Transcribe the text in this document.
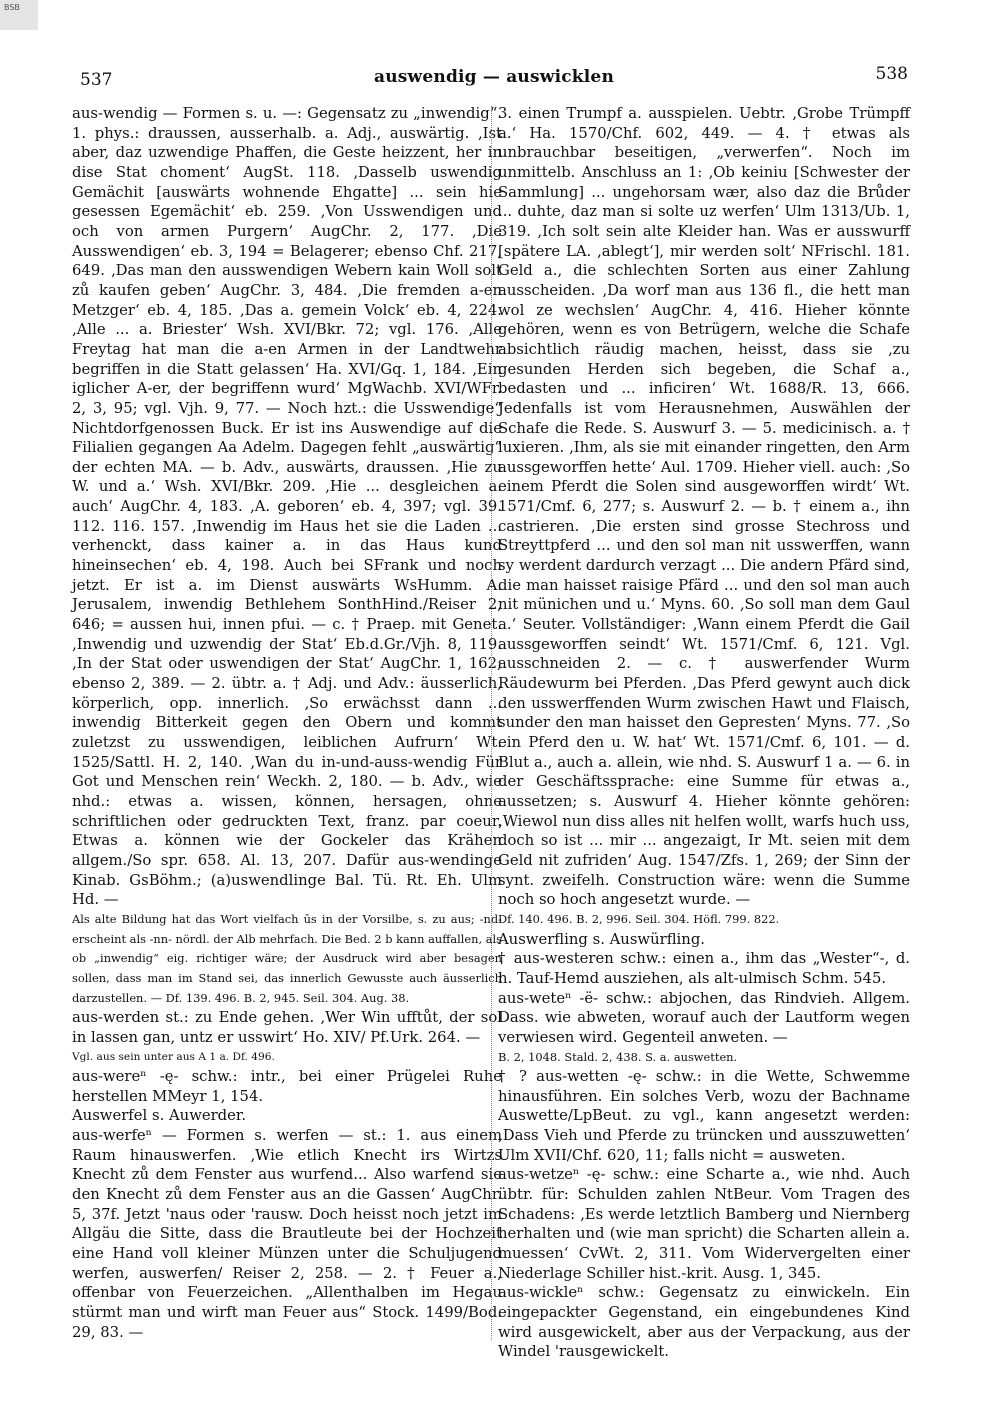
BSB
537	auswendig — auswicklen	538

aus-wendig — Formen s. u. —: Gegensatz zu „inwendig“. 1. phys.: draussen, ausserhalb. a. Adj., auswärtig. ‚Ist aber, daz uzwendige Phaffen, die Geste heizzent, her in dise Stat choment‘ AugSt. 118. ‚Dasselb uswendig Gemächit [auswärts wohnende Ehgatte] ... sein hie gesessen Egemächit‘ eb. 259. ‚Von Usswendigen und och von armen Purgern‘ AugChr. 2, 177. ‚Die Ausswendigen‘ eb. 3, 194 = Belagerer; ebenso Chf. 217, 649. ‚Das man den ausswendigen Webern kain Woll solt zů kaufen geben‘ AugChr. 3, 484. ‚Die fremden a-en Metzger‘ eb. 4, 185. ‚Das a. gemein Volck‘ eb. 4, 224. ‚Alle ... a. Briester‘ Wsh. XVI/Bkr. 72; vgl. 176. ‚Alle Freytag hat man die a-en Armen in der Landtwehr begriffen in die Statt gelassen‘ Ha. XVI/Gq. 1, 184. ‚Ein iglicher A-er, der begriffenn wurd‘ MgWachb. XVI/WFr. 2, 3, 95; vgl. Vjh. 9, 77. — Noch hzt.: die Usswendige“ Nichtdorfgenossen Buck. Er ist ins Auswendige auf die Filialien gegangen Aa Adelm. Dagegen fehlt „auswärtig“ der echten MA. — b. Adv., auswärts, draussen. ‚Hie zu W. und a.‘ Wsh. XVI/Bkr. 209. ‚Hie ... desgleichen a. auch‘ AugChr. 4, 183. ‚A. geboren‘ eb. 4, 397; vgl. 39. 112. 116. 157. ‚Inwendig im Haus het sie die Laden ... verhenckt, dass kainer a. in das Haus kund hineinsechen‘ eb. 4, 198. Auch bei SFrank und noch jetzt. Er ist a. im Dienst auswärts WsHumm. A. Jerusalem, inwendig Bethlehem SonthHind./Reiser 2, 646; = aussen hui, innen pfui. — c. † Praep. mit Genet. ‚Inwendig und uzwendig der Stat‘ Eb.d.Gr./Vjh. 8, 119. ‚In der Stat oder uswendigen der Stat‘ AugChr. 1, 162; ebenso 2, 389. — 2. übtr. a. † Adj. und Adv.: äusserlich, körperlich, opp. innerlich. ‚So erwächsst dann ... inwendig Bitterkeit gegen den Obern und kommt zuletzst zu usswendigen, leiblichen Aufrurn‘ Wt. 1525/Sattl. H. 2, 140. ‚Wan du in-und-auss-wendig Für Got und Menschen rein‘ Weckh. 2, 180. — b. Adv., wie nhd.: etwas a. wissen, können, hersagen, ohne schriftlichen oder gedruckten Text, franz. par coeur. Etwas a. können wie der Gockeler das Krähen allgem./So spr. 658. Al. 13, 207. Dafür aus-wendinge Kinab. GsBöhm.; (a)uswendlinge Bal. Tü. Rt. Eh. Ulm Hd. —

Als alte Bildung hat das Wort vielfach ūs in der Vorsilbe, s. zu aus; -nd- erscheint als -nn- nördl. der Alb mehrfach. Die Bed. 2 b kann auffallen, als ob „inwendig“ eig. richtiger wäre; der Ausdruck wird aber besagen sollen, dass man im Stand sei, das innerlich Gewusste auch äusserlich darzustellen. — Df. 139. 496. B. 2, 945. Seil. 304. Aug. 38.

aus-werden st.: zu Ende gehen. ‚Wer Win ufftůt, der sol in lassen gan, untz er usswirt‘ Ho. XIV/ Pf.Urk. 264. —

Vgl. aus sein unter aus A 1 a. Df. 496.

aus-wereⁿ -ę- schw.: intr., bei einer Prügelei Ruhe herstellen MMeyr 1, 154.

Auswerfel s. Auwerder.

aus-werfeⁿ — Formen s. werfen — st.: 1. aus einem Raum hinauswerfen. ‚Wie etlich Knecht irs Wirtzs Knecht zů dem Fenster aus wurfend... Also warfend sie den Knecht zů dem Fenster aus an die Gassen‘ AugChr. 5, 37f. Jetzt 'naus oder 'rausw. Doch heisst noch jetzt im Allgäu die Sitte, dass die Brautleute bei der Hochzeit eine Hand voll kleiner Münzen unter die Schuljugend werfen, auswerfen/ Reiser 2, 258. — 2. † Feuer a., offenbar von Feuerzeichen. „Allenthalben im Hegau stürmt man und wirft man Feuer aus“ Stock. 1499/Bod. 29, 83. —

3. einen Trumpf a. ausspielen. Uebtr. ‚Grobe Trümpff a.‘ Ha. 1570/Chf. 602, 449. — 4. † etwas als unbrauchbar beseitigen, „verwerfen“. Noch im unmittelb. Anschluss an 1: ‚Ob keiniu [Schwester der Sammlung] ... ungehorsam wær, also daz die Brůder ... duhte, daz man si solte uz werfen‘ Ulm 1313/Ub. 1, 319. ‚Ich solt sein alte Kleider han. Was er ausswurff [spätere LA. ‚ablegt‘], mir werden solt‘ NFrischl. 181. Geld a., die schlechten Sorten aus einer Zahlung ausscheiden. ‚Da worf man aus 136 fl., die hett man wol ze wechslen‘ AugChr. 4, 416. Hieher könnte gehören, wenn es von Betrügern, welche die Schafe absichtlich räudig machen, heisst, dass sie ‚zu gesunden Herden sich begeben, die Schaf a., bedasten und ... inficiren‘ Wt. 1688/R. 13, 666. Jedenfalls ist vom Herausnehmen, Auswählen der Schafe die Rede. S. Auswurf 3. — 5. medicinisch. a. † luxieren. ‚Ihm, als sie mit einander ringetten, den Arm aussgeworffen hette‘ Aul. 1709. Hieher viell. auch: ‚So einem Pferdt die Solen sind ausgeworffen wirdt‘ Wt. 1571/Cmf. 6, 277; s. Auswurf 2. — b. † einem a., ihn castrieren. ‚Die ersten sind grosse Stechross und Streyttpferd ... und den sol man nit usswerffen, wann sy werdent dardurch verzagt ... Die andern Pfärd sind, die man haisset raisige Pfärd ... und den sol man auch nit münichen und u.‘ Myns. 60. ‚So soll man dem Gaul a.‘ Seuter. Vollständiger: ‚Wann einem Pferdt die Gail aussgeworffen seindt‘ Wt. 1571/Cmf. 6, 121. Vgl. ausschneiden 2. — c. † auswerfender Wurm Räudewurm bei Pferden. ‚Das Pferd gewynt auch dick den usswerffenden Wurm zwischen Hawt und Flaisch, sunder den man haisset den Gepresten‘ Myns. 77. ‚So ein Pferd den u. W. hat‘ Wt. 1571/Cmf. 6, 101. — d. Blut a., auch a. allein, wie nhd. S. Auswurf 1 a. — 6. in der Geschäftssprache: eine Summe für etwas a., aussetzen; s. Auswurf 4. Hieher könnte gehören: ‚Wiewol nun diss alles nit helfen wollt, warfs huch uss, doch so ist ... mir ... angezaigt, Ir Mt. seien mit dem Geld nit zufriden‘ Aug. 1547/Zfs. 1, 269; der Sinn der synt. zweifelh. Construction wäre: wenn die Summe noch so hoch angesetzt wurde. —

Df. 140. 496. B. 2, 996. Seil. 304. Höfl. 799. 822.

Auswerfling s. Auswürfling.

† aus-westeren schw.: einen a., ihm das „Wester“-, d. h. Tauf-Hemd ausziehen, als alt-ulmisch Schm. 545.

aus-weteⁿ -ë- schw.: abjochen, das Rindvieh. Allgem. Dass. wie abweten, worauf auch der Lautform wegen verwiesen wird. Gegenteil anweten. —

B. 2, 1048. Stald. 2, 438. S. a. auswetten.

† ? aus-wetten -ę- schw.: in die Wette, Schwemme hinausführen. Ein solches Verb, wozu der Bachname Auswette/LpBeut. zu vgl., kann angesetzt werden: ‚Dass Vieh und Pferde zu trüncken und ausszuwetten‘ Ulm XVII/Chf. 620, 11; falls nicht = ausweten.

aus-wetzeⁿ -ę- schw.: eine Scharte a., wie nhd. Auch übtr. für: Schulden zahlen NtBeur. Vom Tragen des Schadens: ‚Es werde letztlich Bamberg und Niernberg herhalten und (wie man spricht) die Scharten allein a. muessen‘ CvWt. 2, 311. Vom Widervergelten einer Niederlage Schiller hist.-krit. Ausg. 1, 345.

aus-wickleⁿ schw.: Gegensatz zu einwickeln. Ein eingepackter Gegenstand, ein eingebundenes Kind wird ausgewickelt, aber aus der Verpackung, aus der Windel 'rausgewickelt.
